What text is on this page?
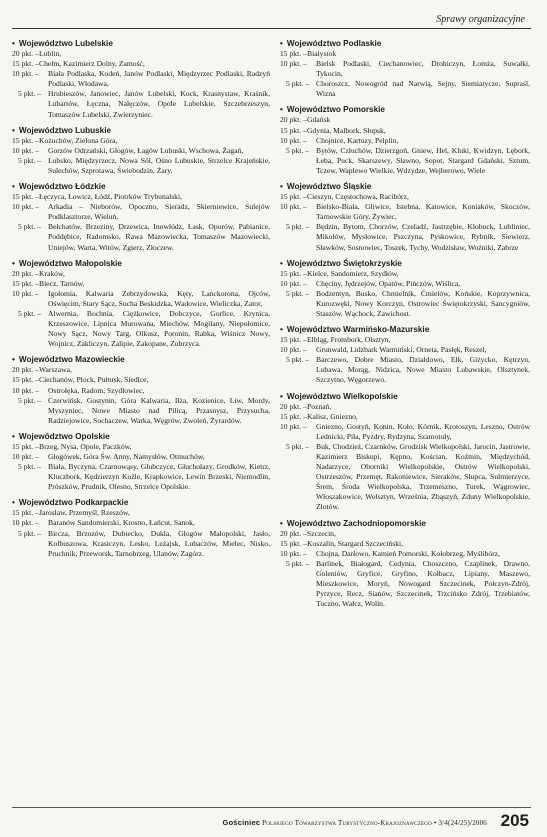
Sprawy organizacyjne
• Województwo Lubelskie
20 pkt. – Lublin,
15 pkt. – Chełm, Kazimierz Dolny, Zamość,
10 pkt. –	Biała Podlaska, Kodeń, Janów Podlaski, Międzyrzec Podlaski, Radzyń Podlaski, Włodawa,
5 pkt. – Hrubieszów, Janowiec, Janów Lubelski, Kock, Krasnystaw, Kraśnik, Lubartów, Łęczna, Nałęczów, Opole Lubelskie, Szczebrzeszyn, Tomaszów Lubelski, Zwierzyniec.
• Województwo Lubuskie
15 pkt. – Kożuchów, Zielona Góra,
10 pkt. –	Gorzów Odrzański, Głogów, Łagów Lubuski, Wschowa, Żagań,
5 pkt. – Lubsko, Międzyrzecz, Nowa Sól, Ośno Lubuskie, Strzelce Krajeńskie, Sulechów, Szprotawa, Świebodzin, Żary.
• Województwo Łódzkie
15 pkt. – Łęczyca, Łowicz, Łódź, Piotrków Trybunalski,
10 pkt. –	Arkadia – Nieborów, Opoczno, Sieradz, Skierniewice, Sulejów Podklasztorze, Wieluń,
5 pkt. – Bełchatów, Brzeziny, Drzewica, Inowłódz, Łask, Oporów, Pabianice, Poddębice, Radomsko, Rawa Mazowiecka, Tomaszów Mazowiecki, Uniejów, Warta, Witów, Zgierz, Złoczew.
• Województwo Małopolskie
20 pkt. – Kraków,
15 pkt. – Biecz, Tarnów,
10 pkt. –	Igołomia, Kalwaria Zebrzydowska, Kęty, Lanckorona, Ojców, Oświęcim, Stary Sącz, Sucha Beskidzka, Wadowice, Wieliczka, Zator,
5 pkt. – Alwernia, Bochnia, Ciężkowice, Dobczyce, Gorlice, Krynica, Krzeszowice, Lipnica Murowana, Miechów, Mogilany, Niepołomice, Nowy Sącz, Nowy Targ, Olkusz, Poronin, Rabka, Wiśnicz Nowy, Wojnicz, Zakliczyn, Zalipie, Zakopane, Zubrzyca.
• Województwo Mazowieckie
20 pkt. – Warszawa,
15 pkt. – Ciechanów, Płock, Pułtusk, Siedlce,
10 pkt. –	Ostrołęka, Radom, Szydłowiec,
5 pkt. – Czerwińsk, Gostynin, Góra Kalwaria, Iłża, Kozienice, Liw, Mordy, Myszyniec, Nowe Miasto nad Pilicą, Przasnysz, Przysucha, Radziejowice, Sochaczew, Warka, Węgrów, Zwoleń, Żyrardów.
• Województwo Opolskie
15 pkt. – Brzeg, Nysa, Opole, Paczków,
10 pkt. –	Głogówek, Góra Św. Anny, Namysłów, Otmuchów,
5 pkt. – Biała, Byczyna, Czarnowąsy, Głubczyce, Głuchołazy, Grodków, Kietrz, Kluczbork, Kędzierzyn Koźle, Krapkowice, Lewin Brzeski, Niemodlin, Prószków, Prudnik, Olesno, Strzelce Opolskie.
• Województwo Podkarpackie
15 pkt. – Jarosław, Przemyśl, Rzeszów,
10 pkt. –	Baranów Sandomierski, Krosno, Łańcut, Sanok,
5 pkt. – Bircza, Brzozów, Dubiecko, Dukla, Głogów Małopolski, Jasło, Kolbuszowa, Krasiczyn, Lesko, Leżajsk, Lubaczów, Mielec, Nisko, Pruchnik, Przeworsk, Tarnobrzeg, Ulanów, Zagórz.
• Województwo Podlaskie
15 pkt. – Białystok
10 pkt. –	Bielsk Podlaski, Ciechanowiec, Drohiczyn, Łomża, Suwałki, Tykocin,
5 pkt. – Choroszcz, Nowogród nad Narwią, Sejny, Siemiatycze, Supraśl, Wizna
• Województwo Pomorskie
20 pkt. – Gdańsk
15 pkt. – Gdynia, Malbork, Słupsk,
10 pkt. –	Chojnice, Kartuzy, Pelplin,
5 pkt. – Bytów, Człuchów, Dzierzgoń, Gniew, Hel, Kluki, Kwidzyn, Lębork, Łeba, Puck, Skarszewy, Sławno, Sopot, Stargard Gdański, Sztum, Tczew, Waplewo Wielkie, Wdzydze, Wejherowo, Wiele
• Województwo Śląskie
15 pkt. – Cieszyn, Częstochowa, Racibórz,
10 pkt. –	Bielsko-Biała, Gliwice, Istebna, Katowice, Koniaków, Skoczów, Tarnowskie Góry, Żywiec,
5 pkt. – Będzin, Bytom, Chorzów, Czeladź, Jastrzębie, Kłobuck, Lubliniec, Mikołów, Mysłowice, Pszczyna, Pyskowice, Rybnik, Siewierz, Sławków, Sosnowiec, Toszek, Tychy, Wodzisław, Woźniki, Zabrze
• Województwo Świętokrzyskie
15 pkt. – Kielce, Sandomierz, Szydłów,
10 pkt. –	Chęciny, Jędrzejów, Opatów, Pińczów, Wiślica,
5 pkt. – Bodzentyn, Busko, Chmielnik, Ćmielów, Końskie, Koprzywnica, Kurozwęki, Nowy Korczyn, Ostrowiec Świętokrzyski, Sancygniów, Staszów, Wąchock, Zawichost.
• Województwo Warmińsko-Mazurskie
15 pkt. – Elbląg, Frombork, Olsztyn,
10 pkt. –	Grunwald, Lidzbark Warmiński, Orneta, Pasłęk, Reszel,
5 pkt. – Barczewo, Dobre Miasto, Działdowo, Ełk, Giżycko, Kętrzyn, Lubawa, Morąg, Nidzica, Nowe Miasto Lubawskie, Olsztynek, Szczytno, Węgorzewo.
• Województwo Wielkopolskie
20 pkt. – Poznań,
15 pkt. – Kalisz, Gniezno,
10 pkt. –	Gniezno, Gostyń, Konin, Koło, Kórnik, Krotoszyn, Leszno, Ostrów Lednicki, Piła, Pyzdry, Rydzyna, Szamotuły,
5 pkt. – Buk, Chodzież, Czarnków, Grodzisk Wielkopolski, Jarocin, Jastrowie, Kazimierz Biskupi, Kępno, Kościan, Koźmin, Międzychód, Nadarzyce, Oborniki Wielkopolskie, Ostrów Wielkopolski, Ostrzeszów, Przemęt, Rakoniewice, Sieraków, Słupca, Sulmierzyce, Śrem, Środa Wielkopolska, Trzemeszno, Turek, Wągrowiec, Włoszakowice, Wolsztyn, Września, Zbąszyń, Zduny Wielkopolskie, Złotów.
• Województwo Zachodniopomorskie
20 pkt. – Szczecin,
15 pkt. – Koszalin, Stargard Szczeciński,
10 pkt. –	Chojna, Darłowo, Kamień Pomorski, Kołobrzeg, Myślibórz,
5 pkt. – Barlinek, Białogard, Cedynia, Choszczno, Czaplinek, Drawno, Goleniów, Gryfice, Gryfino, Kołbacz, Lipiany, Maszewo, Mieszkowice, Moryń, Nowogard Szczecinek, Połczyn-Zdrój, Pyrzyce, Recz, Sianów, Szczecinek, Trzcińsko Zdrój, Trzebiatów, Tuczno, Wałcz, Wolin.
Gościniec Polskiego Towarzystwa Turystyczno-Krajoznawczego • 3/4(24/25)/2006 205
